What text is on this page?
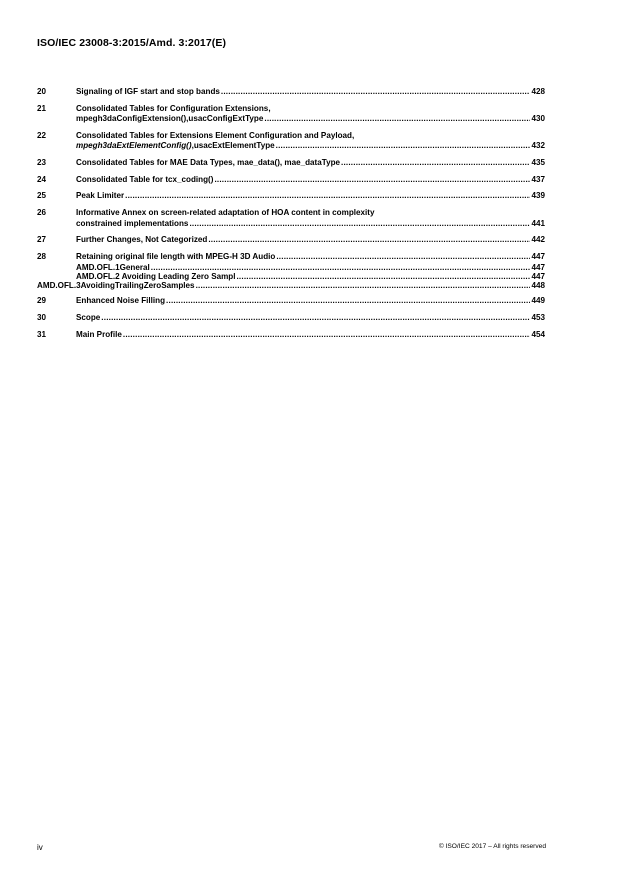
ISO/IEC 23008-3:2015/Amd. 3:2017(E)
20	Signaling of IGF start and stop bands .....	428
21	Consolidated Tables for Configuration Extensions,
mpegh3daConfigExtension(),usacConfigExtType .....	430
22	Consolidated Tables for Extensions Element Configuration and Payload,
mpegh3daExtElementConfig(),usacExtElementType .....	432
23	Consolidated Tables for MAE Data Types, mae_data(), mae_dataType .....	435
24	Consolidated Table for tcx_coding() .....	437
25	Peak Limiter .....	439
26	Informative Annex on screen-related adaptation of HOA content in complexity
constrained implementations .....	441
27	Further Changes, Not Categorized .....	442
28	Retaining original file length with MPEG-H 3D Audio .....	447
AMD.OFL.1General .....	447
AMD.OFL.2 Avoiding Leading Zero Sampl .....	447
AMD.OFL.3AvoidingTrailingZeroSamples .....	448
29	Enhanced Noise Filling .....	449
30	Scope .....	453
31	Main Profile .....	454
iv	© ISO/IEC 2017 – All rights reserved
